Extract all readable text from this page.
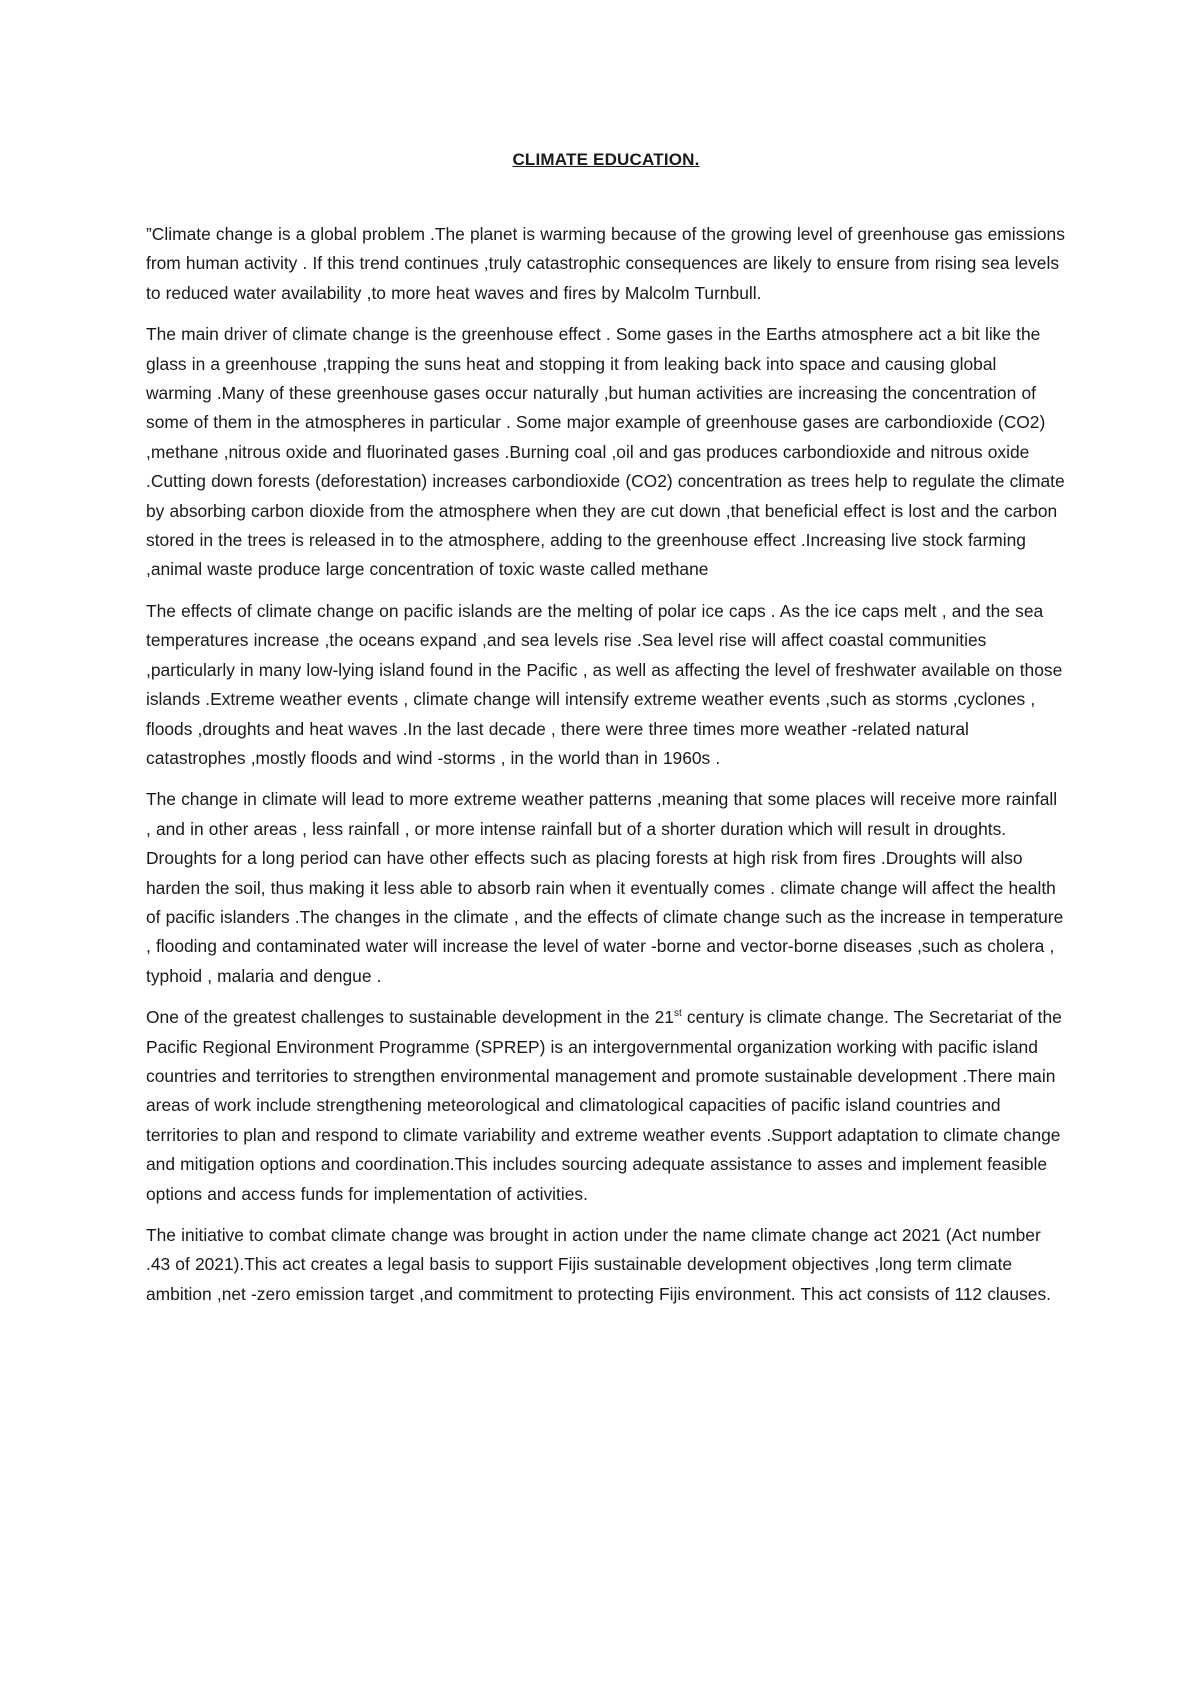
CLIMATE EDUCATION.

”Climate change is a global problem .The planet is warming because of the growing level of greenhouse gas emissions from human activity . If this trend continues ,truly catastrophic consequences are likely to ensure from rising sea levels to reduced water availability ,to more heat waves and fires by Malcolm Turnbull.

The main driver of climate change is the greenhouse effect . Some gases in the Earths atmosphere act a bit like the glass in a greenhouse ,trapping the suns heat and stopping it from leaking back into space and causing global warming .Many of these greenhouse gases occur naturally ,but human activities are increasing the concentration of some of them in the atmospheres in particular . Some major example of greenhouse gases are carbondioxide (CO2) ,methane ,nitrous oxide and fluorinated gases .Burning coal ,oil and gas produces carbondioxide and nitrous oxide .Cutting down forests (deforestation) increases carbondioxide (CO2) concentration as trees help to regulate the climate by absorbing carbon dioxide from the atmosphere when they are cut down ,that beneficial effect is lost and the carbon stored in the trees is released in to the atmosphere, adding to the greenhouse effect .Increasing live stock farming ,animal waste produce large concentration of toxic waste called methane

The effects of climate change on pacific islands are the melting of polar ice caps . As the ice caps melt , and the sea temperatures increase ,the oceans expand ,and sea levels rise .Sea level rise will affect coastal communities ,particularly in many low-lying island found in the Pacific , as well as affecting the level of freshwater available on those islands .Extreme weather events , climate change will intensify extreme weather events ,such as storms ,cyclones , floods ,droughts and heat waves .In the last decade , there were three times more weather -related natural catastrophes ,mostly floods and wind -storms , in the world than in 1960s .

The change in climate will lead to more extreme weather patterns ,meaning that some places will receive more rainfall , and in other areas , less rainfall , or more intense rainfall but of a shorter duration which will result in droughts. Droughts for a long period can have other effects such as placing forests at high risk from fires .Droughts will also harden the soil, thus making it less able to absorb rain when it eventually comes . climate change will affect the health of pacific islanders .The changes in the climate , and the effects of climate change such as the increase in temperature , flooding and contaminated water will increase the level of water -borne and vector-borne diseases ,such as cholera , typhoid , malaria and dengue .

One of the greatest challenges to sustainable development in the 21st century is climate change. The Secretariat of the Pacific Regional Environment Programme (SPREP) is an intergovernmental organization working with pacific island countries and territories to strengthen environmental management and promote sustainable development .There main areas of work include strengthening meteorological and climatological capacities of pacific island countries and territories to plan and respond to climate variability and extreme weather events .Support adaptation to climate change and mitigation options and coordination.This includes sourcing adequate assistance to asses and implement feasible options and access funds for implementation of activities.

The initiative to combat climate change was brought in action under the name climate change act 2021 (Act number .43 of 2021).This act creates a legal basis to support Fijis sustainable development objectives ,long term climate ambition ,net -zero emission target ,and commitment to protecting Fijis environment. This act consists of 112 clauses.
